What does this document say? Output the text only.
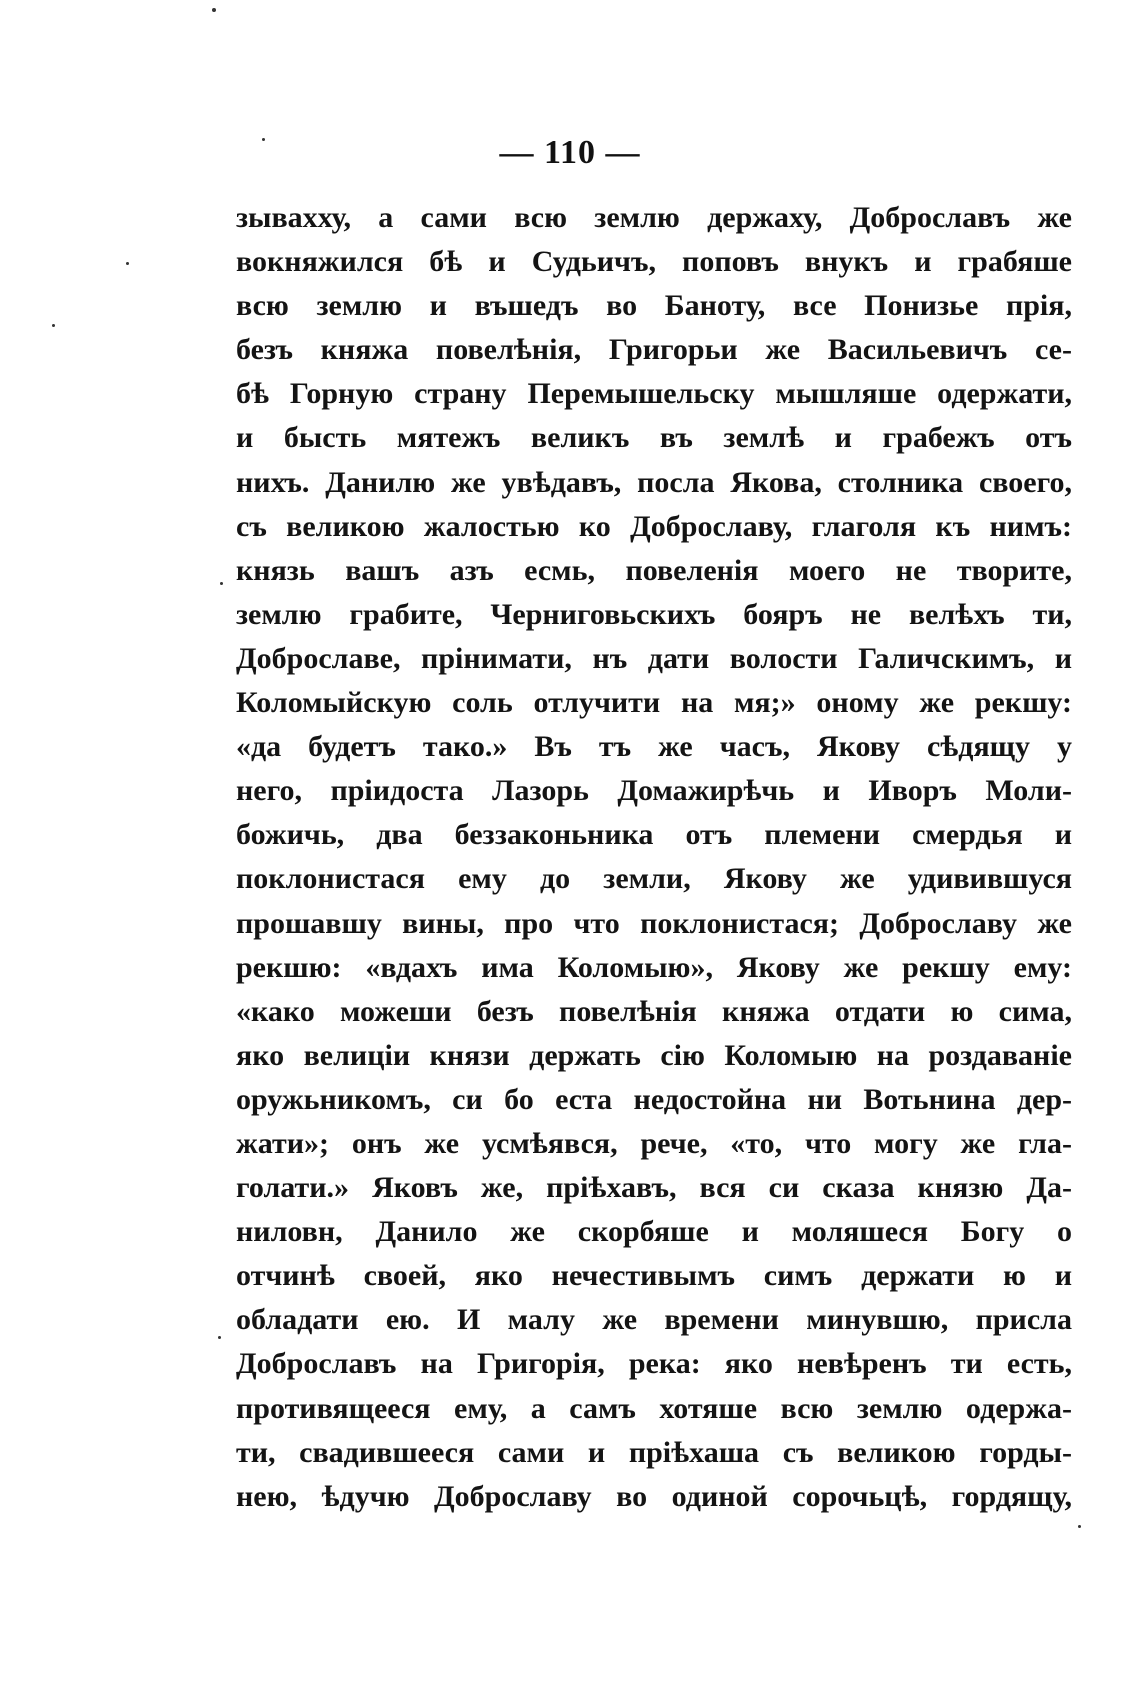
— 110 —
зывахху, а сами всю землю держаху, Доброславъ же
вокняжился бѣ и Судьичъ, поповъ внукъ и грабяше
всю землю и въшедъ во Баноту, все Понизье прія,
безъ княжа повелѣнія, Григорьи же Васильевичъ се-
бѣ Горную страну Перемышельску мышляше одержати,
и бысть мятежъ великъ въ землѣ и грабежъ отъ
нихъ. Данилю же увѣдавъ, посла Якова, столника своего,
съ великою жалостью ко Доброславу, глаголя къ нимъ:
князь вашъ азъ есмь, повеленія моего не творите,
землю грабите, Черниговьскихъ бояръ не велѣхъ ти,
Доброславе, прінимати, нъ дати волости Галичскимъ, и
Коломыйскую соль отлучити на мя;» оному же рекшу:
«да будетъ тако.» Въ тъ же часъ, Якову сѣдящу у
него, пріидоста Лазорь Домажирѣчь и Иворъ Моли-
божичь, два беззаконьника отъ племени смердья и
поклонистася ему до земли, Якову же удивившуся
прошавшу вины, про что поклонистася; Доброславу же
рекшю: «вдахъ има Коломыю», Якову же рекшу ему:
«како можеши безъ повелѣнія княжа отдати ю сима,
яко велиціи князи держать сію Коломыю на роздаваніе
оружьникомъ, си бо еста недостойна ни Вотьнина дер-
жати»; онъ же усмѣявся, рече, «то, что могу же гла-
голати.» Яковъ же, пріѣхавъ, вся си сказа князю Да-
ниловн, Данило же скорбяше и моляшеся Богу о
отчинѣ своей, яко нечестивымъ симъ держати ю и
обладати ею. И малу же времени минувшю, присла
Доброславъ на Григорія, река: яко невѣренъ ти есть,
противящееся ему, а самъ хотяше всю землю одержа-
ти, свадившееся сами и пріѣхаша съ великою горды-
нею, ѣдучю Доброславу во одиной сорочьцѣ, гордящу,
